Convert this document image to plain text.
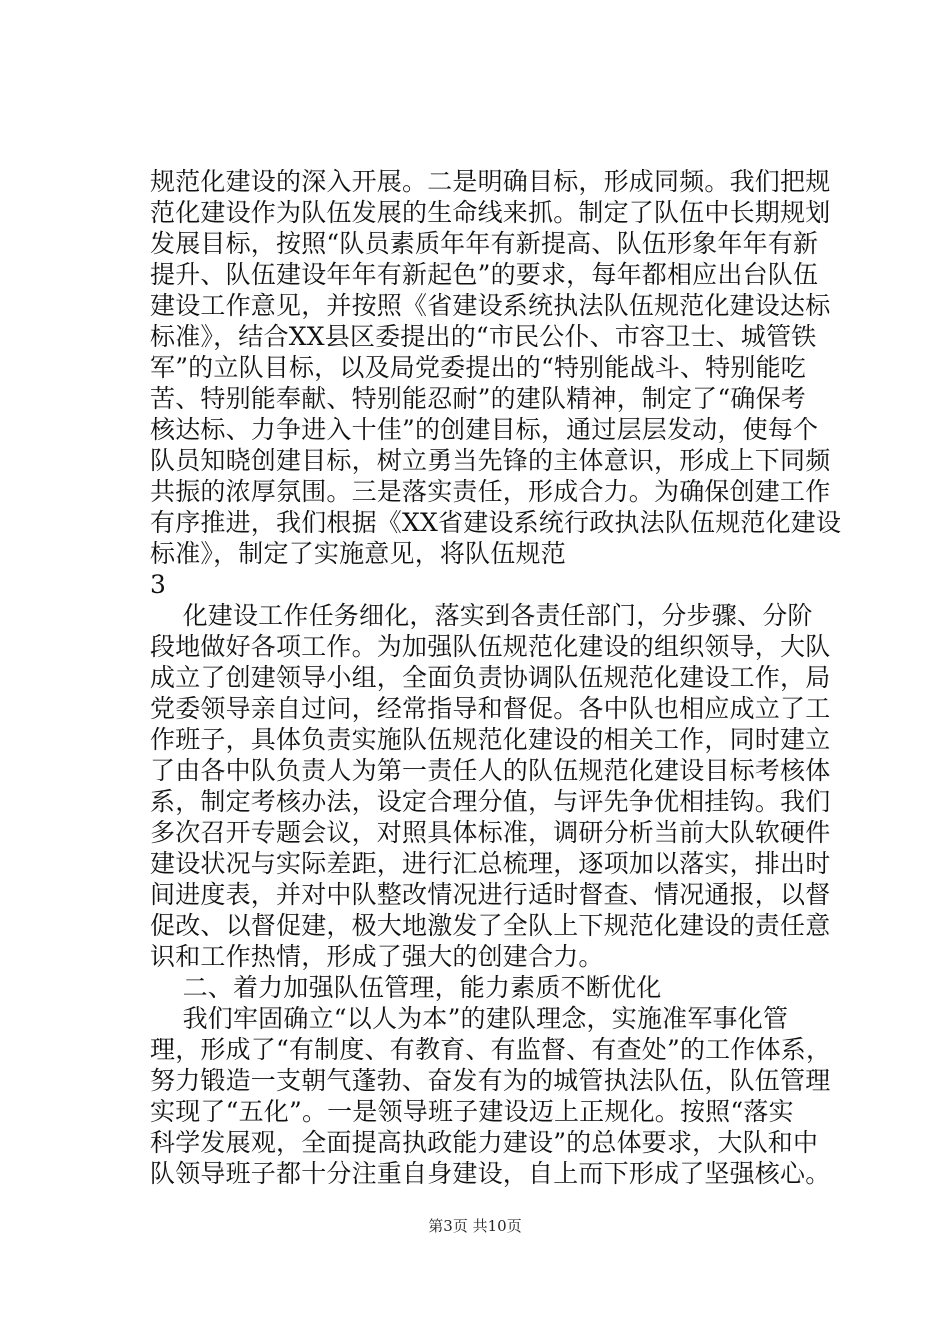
规范化建设的深入开展。二是明确目标，形成同频。我们把规
范化建设作为队伍发展的生命线来抓。制定了队伍中长期规划
发展目标，按照“队员素质年年有新提高、队伍形象年年有新
提升、队伍建设年年有新起色”的要求，每年都相应出台队伍
建设工作意见，并按照《省建设系统执法队伍规范化建设达标
标准》，结合XX县区委提出的“市民公仆、市容卫士、城管铁
军”的立队目标，以及局党委提出的“特别能战斗、特别能吃
苦、特别能奉献、特别能忍耐”的建队精神，制定了“确保考
核达标、力争进入十佳”的创建目标，通过层层发动，使每个
队员知晓创建目标，树立勇当先锋的主体意识，形成上下同频
共振的浓厚氛围。三是落实责任，形成合力。为确保创建工作
有序推进，我们根据《XX省建设系统行政执法队伍规范化建设
标准》，制定了实施意见，将队伍规范
3
化建设工作任务细化，落实到各责任部门，分步骤、分阶
段地做好各项工作。为加强队伍规范化建设的组织领导，大队
成立了创建领导小组，全面负责协调队伍规范化建设工作，局
党委领导亲自过问，经常指导和督促。各中队也相应成立了工
作班子，具体负责实施队伍规范化建设的相关工作，同时建立
了由各中队负责人为第一责任人的队伍规范化建设目标考核体
系，制定考核办法，设定合理分值，与评先争优相挂钩。我们
多次召开专题会议，对照具体标准，调研分析当前大队软硬件
建设状况与实际差距，进行汇总梳理，逐项加以落实，排出时
间进度表，并对中队整改情况进行适时督查、情况通报，以督
促改、以督促建，极大地激发了全队上下规范化建设的责任意
识和工作热情，形成了强大的创建合力。
二、着力加强队伍管理，能力素质不断优化
我们牢固确立“以人为本”的建队理念，实施准军事化管
理，形成了“有制度、有教育、有监督、有查处”的工作体系，
努力锻造一支朝气蓬勃、奋发有为的城管执法队伍，队伍管理
实现了“五化”。一是领导班子建设迈上正规化。按照“落实
科学发展观，全面提高执政能力建设”的总体要求，大队和中
队领导班子都十分注重自身建设，自上而下形成了坚强核心。
第3页 共10页
